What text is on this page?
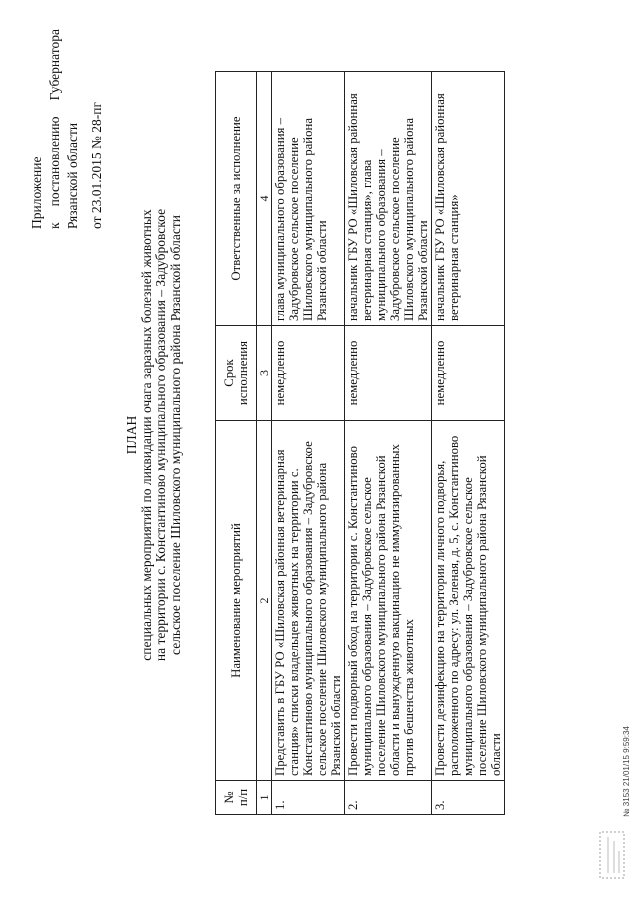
Приложение к
постановлению
Губернатора
Рязанской области от 23.01.2015 № 28-пг
ПЛАН специальных мероприятий по ликвидации очага заразных болезней животных на территории с. Константиново муниципального образования – Задубровское сельское поселение Шиловского муниципального района Рязанской области
№ п/п	Наименование мероприятий	Срок исполнения	Ответственные за исполнение
1	2	3	4
1.	Представить в ГБУ РО «Шиловская районная ветеринарная станция» списки владельцев животных на территории с. Константиново муниципального образования – Задубровское сельское поселение Шиловского муниципального района Рязанской области	немедленно	глава муниципального образования – Задубровское сельское поселение Шиловского муниципального района Рязанской области
2.	Провести подворный обход на территории с. Константиново муниципального образования – Задубровское сельское поселение Шиловского муниципального района Рязанской области и вынужденную вакцинацию не иммунизированных против бешенства животных	немедленно	начальник ГБУ РО «Шиловская районная ветеринарная станция», глава муниципального образования – Задубровское сельское поселение Шиловского муниципального района Рязанской области
3.	Провести дезинфекцию на территории личного подворья, расположенного по адресу: ул. Зеленая, д. 5, с. Константиново муниципального образования – Задубровское сельское поселение Шиловского муниципального района Рязанской области	немедленно	начальник ГБУ РО «Шиловская районная ветеринарная станция»
№ 3153 21/01/15 9:59:34
